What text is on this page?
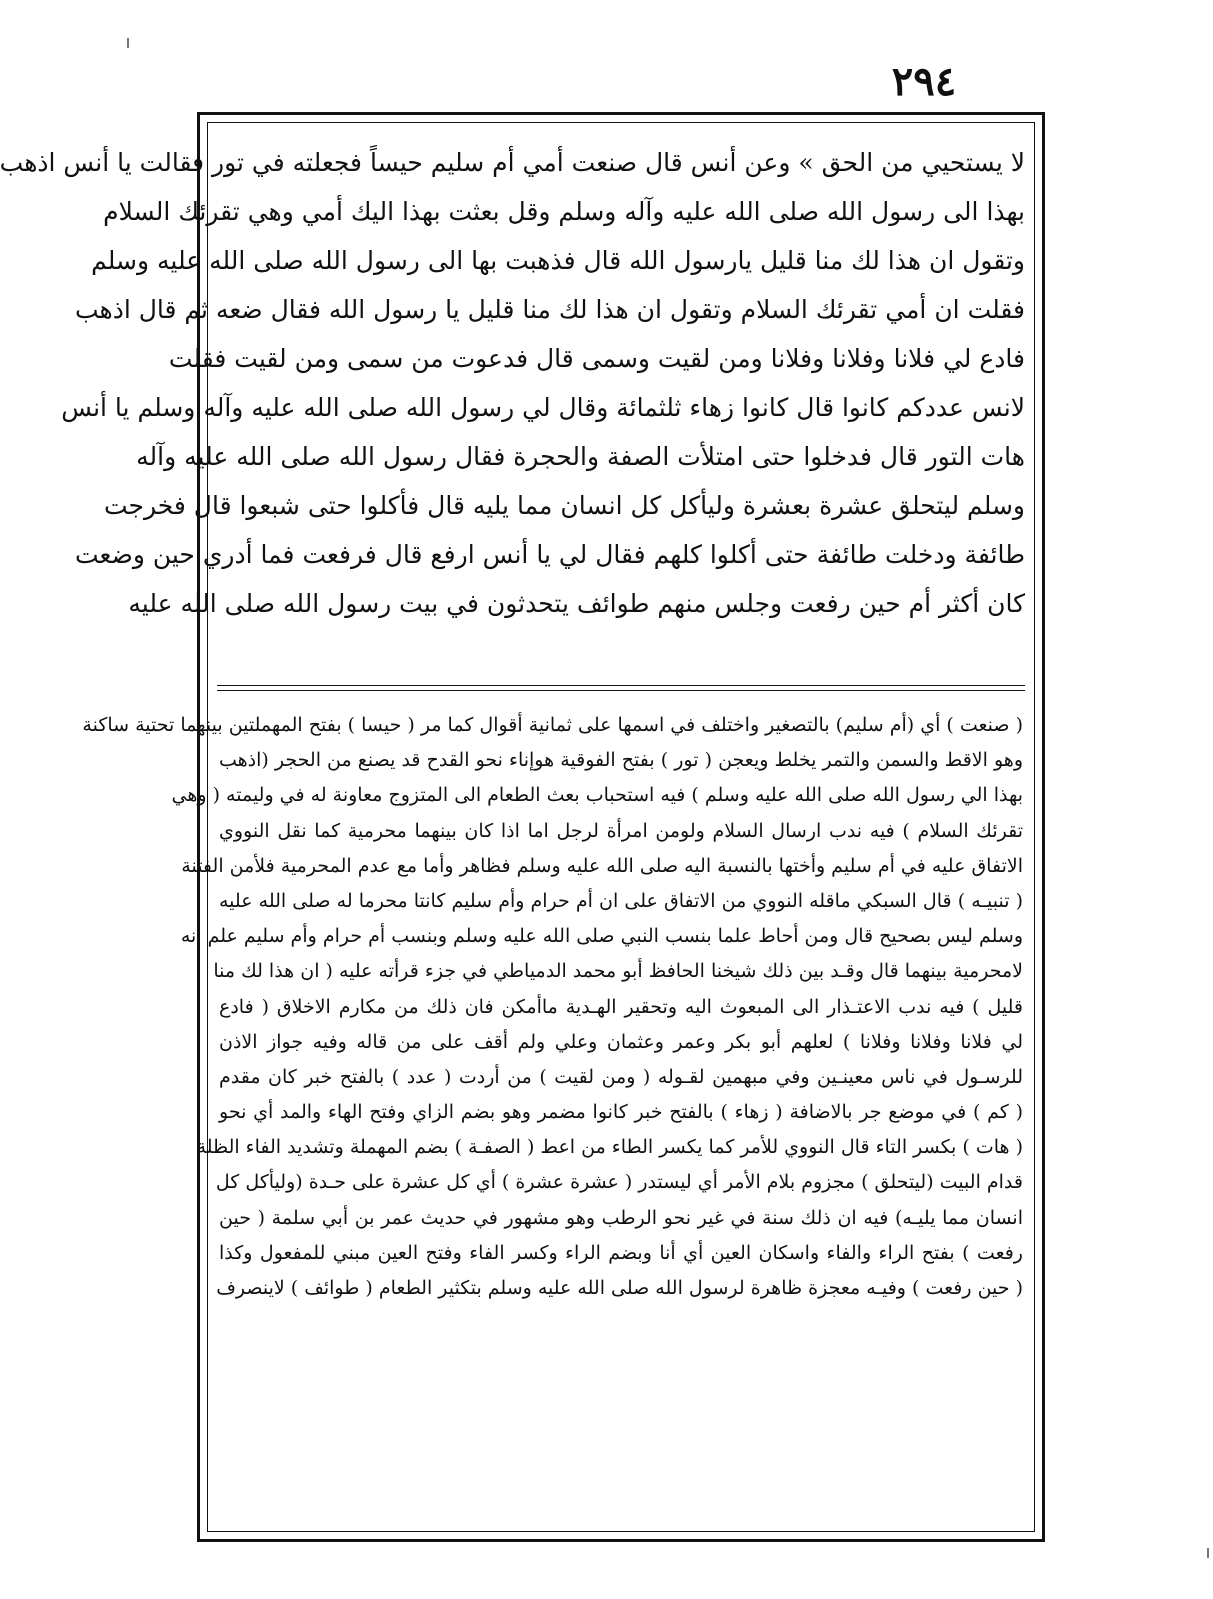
٢٩٤
لا يستحيي من الحق » وعن أنس قال صنعت أمي أم سليم حيساً فجعلته في تور فقالت يا أنس اذهب
بهذا الى رسول الله صلى الله عليه وآله وسلم وقل بعثت بهذا اليك أمي وهي تقرئك السلام
وتقول ان هذا لك منا قليل يارسول الله قال فذهبت بها الى رسول الله صلى الله عليه وسلم
فقلت ان أمي تقرئك السلام وتقول ان هذا لك منا قليل يا رسول الله فقال ضعه ثم قال اذهب
فادع لي فلانا وفلانا وفلانا ومن لقيت وسمى قال فدعوت من سمى ومن لقيت فقلت
لانس عددكم كانوا قال كانوا زهاء ثلثمائة وقال لي رسول الله صلى الله عليه وآله وسلم يا أنس
هات التور قال فدخلوا حتى امتلأت الصفة والحجرة فقال رسول الله صلى الله عليه وآله
وسلم ليتحلق عشرة بعشرة وليأكل كل انسان مما يليه قال فأكلوا حتى شبعوا قال فخرجت
طائفة ودخلت طائفة حتى أكلوا كلهم فقال لي يا أنس ارفع قال فرفعت فما أدري حين وضعت
كان أكثر أم حين رفعت وجلس منهم طوائف يتحدثون في بيت رسول الله صلى الله عليه
( صنعت ) أي (أم سليم) بالتصغير واختلف في اسمها على ثمانية أقوال كما مر ( حيسا ) بفتح المهملتين بينهما تحتية ساكنة
وهو الاقط والسمن والتمر يخلط ويعجن ( تور ) بفتح الفوقية هوإناء نحو القدح قد يصنع من الحجر (اذهب
بهذا الي رسول الله صلى الله عليه وسلم ) فيه استحباب بعث الطعام الى المتزوج معاونة له في وليمته ( وهي
تقرئك السلام ) فيه ندب ارسال السلام ولومن امرأة لرجل اما اذا كان بينهما محرمية كما نقل النووي
الاتفاق عليه في أم سليم وأختها بالنسبة اليه صلى الله عليه وسلم فظاهر وأما مع عدم المحرمية فلأمن الفتنة
( تنبيـه ) قال السبكي ماقله النووي من الاتفاق على ان أم حرام وأم سليم كانتا محرما له صلى الله عليه
وسلم ليس بصحيح قال ومن أحاط علما بنسب النبي صلى الله عليه وسلم وبنسب أم حرام وأم سليم علم انه
لامحرمية بينهما قال وقـد بين ذلك شيخنا الحافظ أبو محمد الدمياطي في جزء قرأته عليه ( ان هذا لك منا
قليل ) فيه ندب الاعتـذار الى المبعوث اليه وتحقير الهـدية ماأمكن فان ذلك من مكارم الاخلاق ( فادع
لي فلانا وفلانا وفلانا ) لعلهم أبو بكر وعمر وعثمان وعلي ولم أقف على من قاله وفيه جواز الاذن
للرسـول في ناس معينـين وفي مبهمين لقـوله ( ومن لقيت ) من أردت ( عدد ) بالفتح خبر كان مقدم
( كم ) في موضع جر بالاضافة ( زهاء ) بالفتح خبر كانوا مضمر وهو بضم الزاي وفتح الهاء والمد أي نحو
( هات ) بكسر التاء قال النووي للأمر كما يكسر الطاء من اعط ( الصفـة ) بضم المهملة وتشديد الفاء الظلة
قدام البيت (ليتحلق ) مجزوم بلام الأمر أي ليستدر ( عشرة عشرة ) أي كل عشرة على حـدة (وليأكل كل
انسان مما يليـه) فيه ان ذلك سنة في غير نحو الرطب وهو مشهور في حديث عمر بن أبي سلمة ( حين
رفعت ) بفتح الراء والفاء واسكان العين أي أنا وبضم الراء وكسر الفاء وفتح العين مبني للمفعول وكذا
( حين رفعت ) وفيـه معجزة ظاهرة لرسول الله صلى الله عليه وسلم بتكثير الطعام ( طوائف ) لاينصرف
